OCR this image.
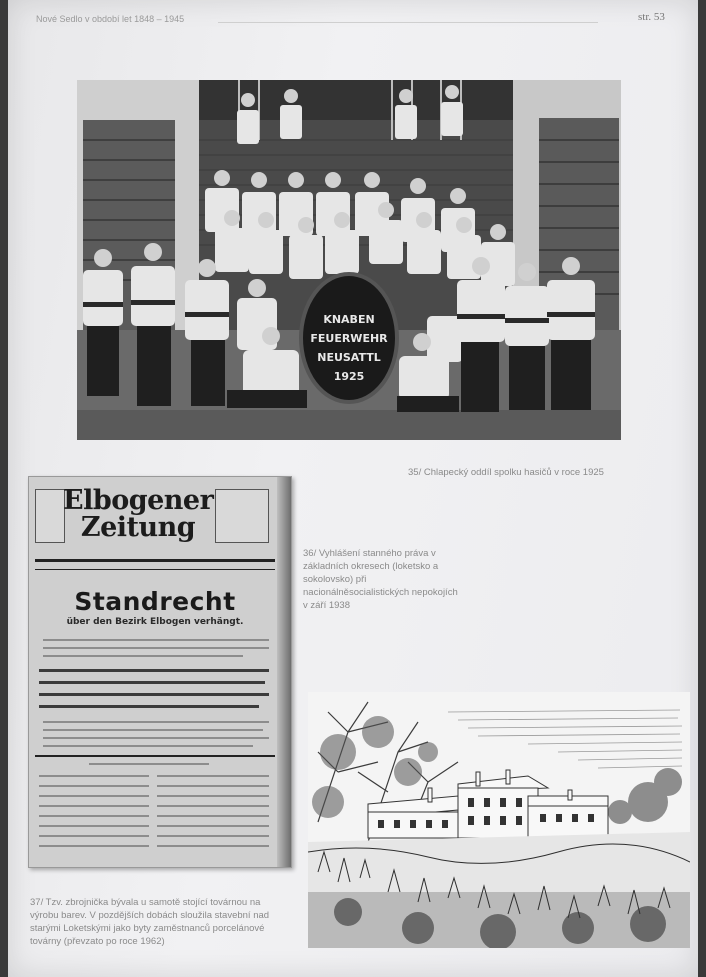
Nové Sedlo v období let 1848 – 1945	str. 53
KNABEN
FEUERWEHR
NEUSATTL
1925
35/ Chlapecký oddíl spolku hasičů v roce 1925
36/ Vyhlášení stanného práva v základních okresech (loketsko a sokolovsko) při nacionálněsocialistických nepokojích v září 1938
Elbogener Zeitung
Standrecht
über den Bezirk Elbogen verhängt.
37/ Tzv. zbrojnička bývala u samotě stojící továrnou na výrobu barev. V pozdějších dobách sloužila stavební nad starými Loketskými jako byty zaměstnanců porcelánové továrny (převzato po roce 1962)
